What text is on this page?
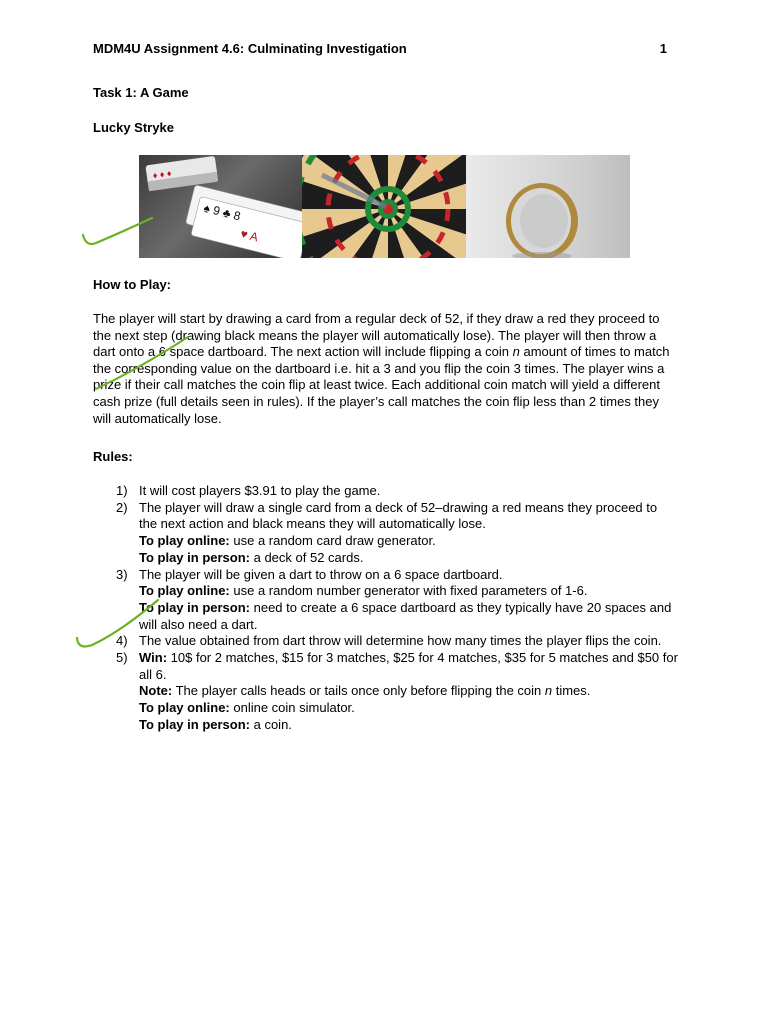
MDM4U Assignment 4.6: Culminating Investigation	1
Task 1: A Game
Lucky Stryke
♦ ♦ ♦
♠ 9 ♣ 8
♥ A
How to Play:
The player will start by drawing a card from a regular deck of 52, if they draw a red they proceed to the next step (drawing black means the player will automatically lose). The player will then throw a dart onto a 6 space dartboard. The next action will include flipping a coin n amount of times to match the corresponding value on the dartboard i.e. hit a 3 and you flip the coin 3 times. The player wins a prize if their call matches the coin flip at least twice. Each additional coin match will yield a different cash prize (full details seen in rules). If the player’s call matches the coin flip less than 2 times they will automatically lose.
Rules:
1) It will cost players $3.91 to play the game.
2) The player will draw a single card from a deck of 52–drawing a red means they proceed to the next action and black means they will automatically lose.
To play online: use a random card draw generator.
To play in person: a deck of 52 cards.
3) The player will be given a dart to throw on a 6 space dartboard.
To play online: use a random number generator with fixed parameters of 1-6.
To play in person: need to create a 6 space dartboard as they typically have 20 spaces and will also need a dart.
4) The value obtained from dart throw will determine how many times the player flips the coin.
5) Win: 10$ for 2 matches, $15 for 3 matches, $25 for 4 matches, $35 for 5 matches and $50 for all 6.
Note: The player calls heads or tails once only before flipping the coin n times.
To play online: online coin simulator.
To play in person: a coin.
